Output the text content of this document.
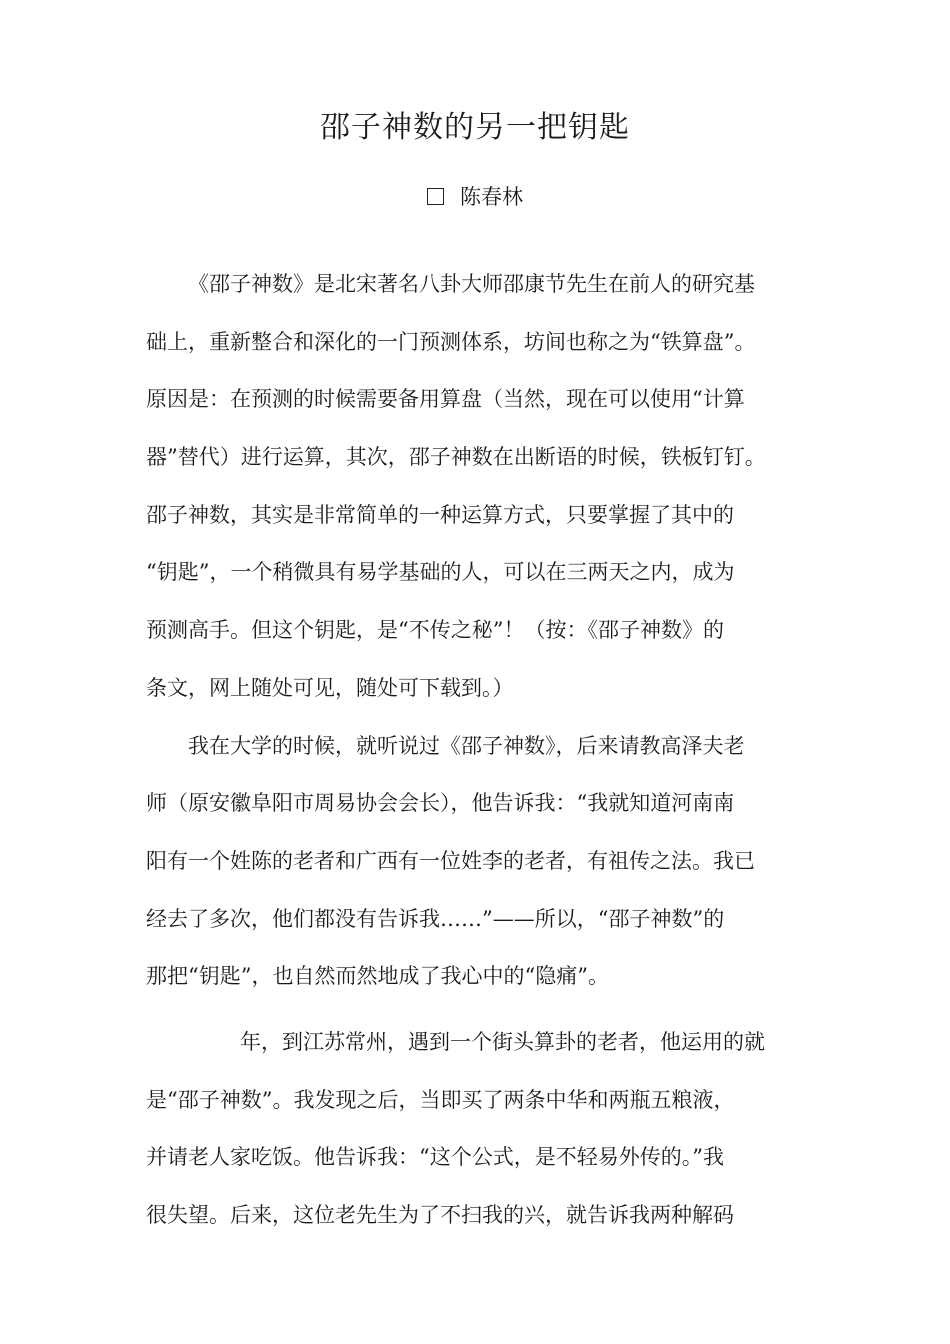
邵子神数的另一把钥匙
陈春林
《邵子神数》是北宋著名八卦大师邵康节先生在前人的研究基
础上，重新整合和深化的一门预测体系，坊间也称之为“铁算盘”。
原因是：在预测的时候需要备用算盘（当然，现在可以使用“计算
器”替代）进行运算，其次，邵子神数在出断语的时候，铁板钉钉。
邵子神数，其实是非常简单的一种运算方式，只要掌握了其中的
“钥匙”，一个稍微具有易学基础的人，可以在三两天之内，成为
预测高手。但这个钥匙，是“不传之秘”！（按：《邵子神数》的
条文，网上随处可见，随处可下载到。）
我在大学的时候，就听说过《邵子神数》，后来请教高泽夫老
师（原安徽阜阳市周易协会会长），他告诉我：“我就知道河南南
阳有一个姓陈的老者和广西有一位姓李的老者，有祖传之法。我已
经去了多次，他们都没有告诉我……”——所以，“邵子神数”的
那把“钥匙”，也自然而然地成了我心中的“隐痛”。
年，到江苏常州，遇到一个街头算卦的老者，他运用的就
是“邵子神数”。我发现之后，当即买了两条中华和两瓶五粮液，
并请老人家吃饭。他告诉我：“这个公式，是不轻易外传的。”我
很失望。后来，这位老先生为了不扫我的兴，就告诉我两种解码
